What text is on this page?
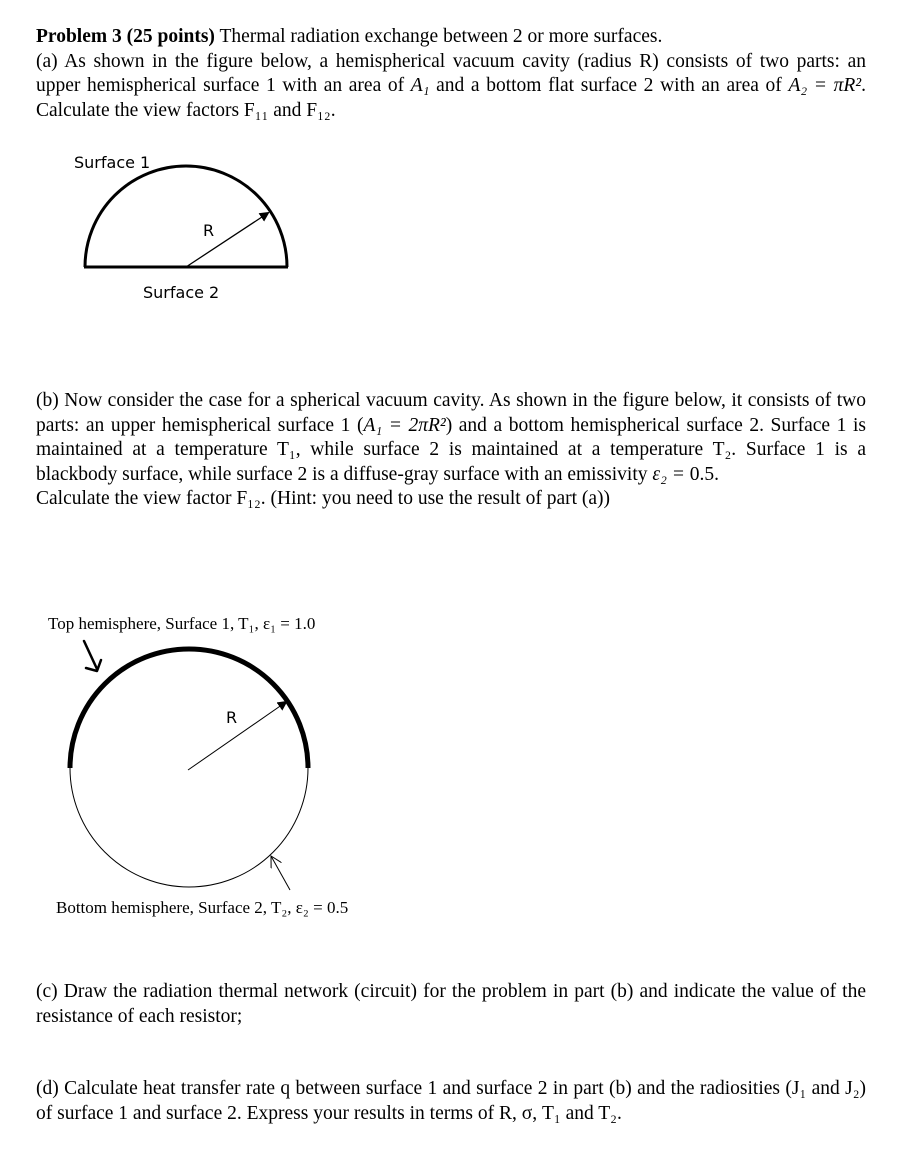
Problem 3 (25 points) Thermal radiation exchange between 2 or more surfaces.
(a) As shown in the figure below, a hemispherical vacuum cavity (radius R) consists of two parts: an upper hemispherical surface 1 with an area of A₁ and a bottom flat surface 2 with an area of A₂ = πR². Calculate the view factors F₁₁ and F₁₂.

Surface 1
R
Surface 2

(b) Now consider the case for a spherical vacuum cavity. As shown in the figure below, it consists of two parts: an upper hemispherical surface 1 (A₁ = 2πR²) and a bottom hemispherical surface 2. Surface 1 is maintained at a temperature T₁, while surface 2 is maintained at a temperature T₂. Surface 1 is a blackbody surface, while surface 2 is a diffuse-gray surface with an emissivity ε₂ = 0.5.
Calculate the view factor F₁₂. (Hint: you need to use the result of part (a))

Top hemisphere, Surface 1, T₁, ε₁ = 1.0
R
Bottom hemisphere, Surface 2, T₂, ε₂ = 0.5

(c) Draw the radiation thermal network (circuit) for the problem in part (b) and indicate the value of the resistance of each resistor;

(d) Calculate heat transfer rate q between surface 1 and surface 2 in part (b) and the radiosities (J₁ and J₂) of surface 1 and surface 2. Express your results in terms of R, σ, T₁ and T₂.
